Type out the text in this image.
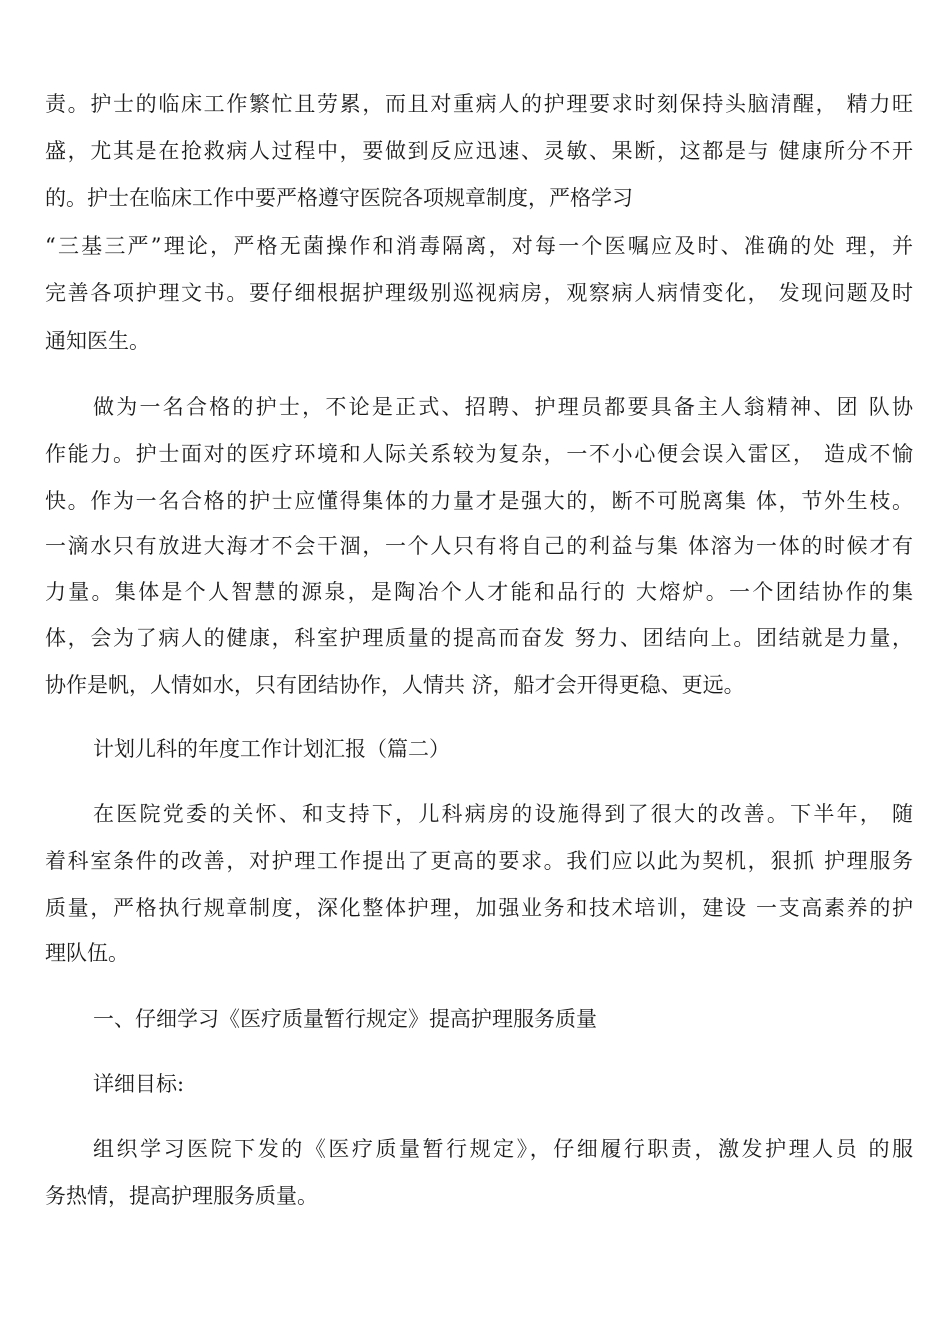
责。护士的临床工作繁忙且劳累，而且对重病人的护理要求时刻保持头脑清醒， 精力旺
盛，尤其是在抢救病人过程中，要做到反应迅速、灵敏、果断，这都是与 健康所分不开
的。护士在临床工作中要严格遵守医院各项规章制度，严格学习
“三基三严”理论，严格无菌操作和消毒隔离，对每一个医嘱应及时、准确的处 理，并
完善各项护理文书。要仔细根据护理级别巡视病房，观察病人病情变化， 发现问题及时
通知医生。
做为一名合格的护士，不论是正式、招聘、护理员都要具备主人翁精神、团 队协
作能力。护士面对的医疗环境和人际关系较为复杂，一不小心便会误入雷区， 造成不愉
快。作为一名合格的护士应懂得集体的力量才是强大的，断不可脱离集 体，节外生枝。
一滴水只有放进大海才不会干涸，一个人只有将自己的利益与集 体溶为一体的时候才有
力量。集体是个人智慧的源泉，是陶冶个人才能和品行的 大熔炉。一个团结协作的集
体，会为了病人的健康，科室护理质量的提高而奋发 努力、团结向上。团结就是力量，
协作是帆，人情如水，只有团结协作，人情共 济，船才会开得更稳、更远。
计划儿科的年度工作计划汇报（篇二）
在医院党委的关怀、和支持下，儿科病房的设施得到了很大的改善。下半年， 随
着科室条件的改善，对护理工作提出了更高的要求。我们应以此为契机，狠抓 护理服务
质量，严格执行规章制度，深化整体护理，加强业务和技术培训，建设 一支高素养的护
理队伍。
一、仔细学习《医疗质量暂行规定》提高护理服务质量
详细目标:
组织学习医院下发的《医疗质量暂行规定》，仔细履行职责，激发护理人员 的服
务热情，提高护理服务质量。
